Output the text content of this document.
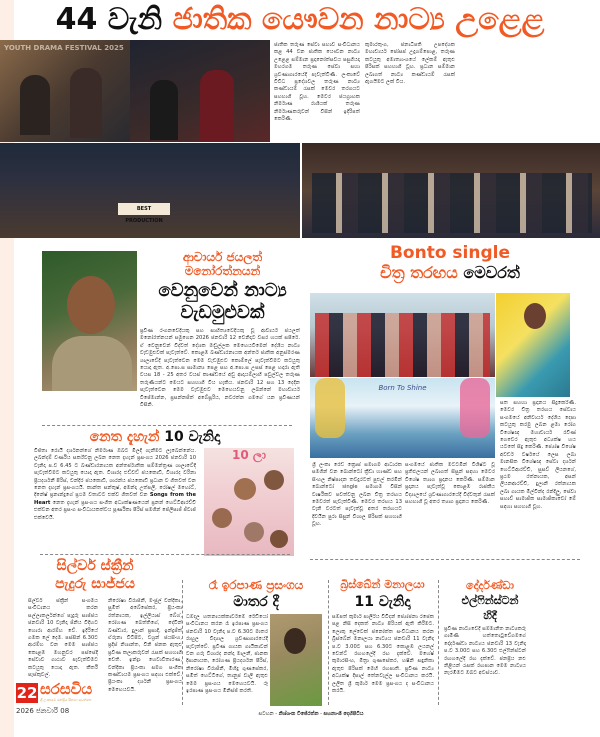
44 වැනි ජාතික යෞවන නාට්‍ය උළෙළ
YOUTH DRAMA FESTIVAL 2025	ජාතික තරුණ සේවා සභාව සංවිධානය කළ 44 වන ජාතික යෞවන නාට්‍ය උළෙළ සම්මාන ප්‍රදානෝත්සවය පසුගියදා මහරගම තරුණ සේවා සභා ශ්‍රවණාගාරයේදී පැවැත්විණි. ලංකාවේ විවිධ ප්‍රදේශවල තරුණ නාට්‍ය කණ්ඩායම් රැසක් මෙවර තරගයට සහභාගී වූහ. මෙවර ජයග්‍රාහක නිර්මාණ රාශියක් තරුණ නිර්මාණකරුවන් විසින් ඉදිරිපත් කෙරිණි.
කුමාරතුංග, ජනාධිපති උපදේශක මහාචාර්ය ජෝසප් උදුගම්පොළ, තරුණ කටයුතු අමාත්‍යාංශයේ ලේකම් ඇතුළු පිරිසක් සහභාගී වූහ. ප්‍රධාන සම්මාන ලබාගත් නාට්‍ය කණ්ඩායම් රැසක් ඇගයීමට ලක් විය.
BEST PRODUCTION
ආචාර්ය ජයලත්
මනෝරත්නයන්
වෙනුවෙන් නාට්‍ය
වැඩමුළුවක්
ප්‍රවීණ රංගනවේදියකු සහ සාහිත්‍යවේදියකු වූ ආචාර්ය ජයලත් මනෝරත්නයන් සමුගෙන 2026 ජනවාරි 12 වෙනිදාට වසර හයක් සපිරේ. ඒ වෙනුවෙන් විද්වත් දේශක මඬුල්ලක මෙහෙයවීමෙන් දේශීය නාට්‍ය වැඩමුළුවක් පැවැත්වේ. කොළඹ බණ්ඩාරනායක අන්තර් ජාතික අනුස්මරණ ශාලාවේදී පැවැත්වෙන මෙම වැඩමුළුව කොම්ලේ පැවැත්වීමට කටයුතු යොදා ඇත. අ.පො.ස සාමාන්‍ය පෙළ සහ අ.පො.ස උසස් පෙළ හදාරා ඇති වයස 18 - 25 අතර වයස් කාණ්ඩයේ අඩු ආදායම්ලාභී පවුල්වල තරුණ තරුණියන්ට මෙයට සහභාගී විය හැකිය. ජනවාරි 12 සහ 13 දෙදින පැවැත්වෙන මෙම වැඩමුළුව මෙහෙයවනු ලබන්නේ මහාචාර්ය විජේමාන්න, ප්‍රසන්නජිත් අබේසූරිය, නවරත්න ගමගේ යන ප්‍රවීණයන් විසිනි.
නෙත දැහැන් 10 වැනිදා
විජිතා රොයි දර්ශනන්ගේ නිර්මාණ ඔබට මිලදී ගැනීමට ලැබෙන්නේය. ලබන්දම් වර්ණිය සර්ක්වනු ලබන නෙත දැහැන් ප්‍රසංගය 2026 ජනවාරි 10 වැනිදා ප.ව 6.45 ට බණ්ඩාරනායක අන්තර්ජාතික සම්මන්ත්‍රණ ශාලාවේදී පැවැත්වීමට කටයුතු යොදා ඇත. විශාරද එඩ්වඩ් ජයකොඩි, විශාරද වරිනා ප්‍රියදර්ශනී පීරිස්, චන්දිර ජයකොඩි, ශාරන්ය ජයකොඩි ප්‍රධාන ව ගීතවත් වන නෙත දැහැන් ප්‍රසංගයයි. කාන්ත සන්තුෂ්, අමන්දා උත්පලී, රෝෂල් මහෝට්, දිනේෂ් ප්‍රනාන්දුගේ ප්‍රථම වතාවට එක්ව ගීතවත් වන Songs from the Heart නෙත දැහැන් ප්‍රසංගය සංගීත අධ්‍යක්ෂණයෙන් ප්‍රනන් හෙට්ටිආරච්චි එක්වන අතර ප්‍රසංග සංවිධායකත්වය පූර්ණිකා පීරිස් සමගින් ජේලීපාජි ජිවාජ් එක්වෙයි.
10 ලා
Bonto single
චිත්‍ර තරඟය මෙවරත්
Born To Shine
ශ්‍රී ලංකා රෙඩ් ක්‍රොස් සමාගම ආධාරක සමගින් වන බොන්ටෝ ක්‍රීඩා භාණ්ඩ සහ සිංහල නිෂ්පාදන තවදුරටත් පුළුල් කරමින් බොන්ටෝ single සමාගම විසින් වාර්ෂිකව පවත්වනු ලබන චිත්‍ර තරඟය මෙවරත් පැවැත්විණි. මෙවර තරඟය 13 වැනි වරටත් පැවැත්වූ අතර තරඟයට දිවයින පුරා සිසුන් විශාල පිරිසක් සහභාගි වූහ.
සංගමයේ ජාතික මට්ටමින් විශිෂ්ට වූ ප්‍රතිඵලයන් ලබාගත් සිසුන් සඳහා මෙවර විශේෂ ත්‍යාග ප්‍රදානය කෙරිණි. සම්මාන ප්‍රදානය පැවැත්වූ කොළඹ රාජකීය විද්‍යාලයේ ශ්‍රවණාගාරයේදී විද්වතුන් රැසක් සහභාගී වූ අතර ත්‍යාග ප්‍රදානය කෙරිණි.
සත සහභා ප්‍රදානය සිදුකෙරිණි. මෙවර චිත්‍ර තරඟය සේවාය සංගමයේ අනිවාර්ය දේශීය දෙපා කටයුතු කරමු ලබන ළමා රෝග විශේෂඥ මහාචාර්ය රවිණ් ගෙවෙර ඇතුළු අධ්‍යක්ෂ හය යටතේ සිදු කෙරිණි. ජ්‍යෝෂ විශේෂ අවර්ඩ වර්ෂයේ ලෙස ලබා මානසික විශේෂඥ සේවා දර්ශන් හෙට්ටිආරච්චි, සුසව් ලියනගේ, ප්‍රථම රත්නායක, අසන් ලියනආරච්චි, දුලානි රත්නායක ලබා ගායක මිල්වින්ද රන්දිලු, සේවා සහාව් සාමාජික සාමාජිකාවෝ මේ සඳහා සහභාගී වූහ.
සිල්වර් ස්ක්‍රීන්
පැදුරු සාජ්ජය
සිල්වර් ස්ක්‍රීන් සංගමය සංවිධානය කරන සල්ලාකර්ලන්ගේ පැදුරු සාජ්ජය ජනවාරි 10 වැනිදා ජිනිය විදිහට හොරා ආරම්භ වේ. ඉදිරියේ ගමක ලේ දෙම. පස්සින් 6.30ට ආරම්භ වන මෙම සාජ්ජය කොළඹ මහනුවර පස්සේදී සේවාව ගාථාව පැවැත්වීමට කටයුතු යොදා ඇත. කීර්ති පැස්කුවල්.
නිරෝෂා විරාජිනී, මංජුල් වන්දිකා, සුමිත් අබේසේකර, ප්‍රියංකා රත්නායක, ඉල්ලියාස් බේග්, රෝහණ බෙත්තිගේ, දේවින් බණ්ඩාර, දුලාන් ප්‍රසාදි, ඉන්ද්‍රජිත් ඒරුනා විටිපිට, වශ්‍රන් ජයසිංහ, ප්‍රදිප් නිශාන්ත, විනි ජනක ඇතුළු ප්‍රවීණ කලාකරුවන් රැසක් සහභාගී වෙති. ඉන්ද්‍රා හෙවාවිතාරණ, වන්දිකා ප්‍රියංකා සමග සංගීත කණ්ඩායම ප්‍රසංගය සඳහා එක්වේ. ප්‍රියංකා දර්ශනී ප්‍රසංගය මෙහෙයවයි.
රෑ ඉරපාණ ප්‍රසංගය
මාතර දී
ධම්දල හතනායක්කාර්වමේ රේඩියෝ සංවිධානය කරන රෑ ඉරපාණ ප්‍රසංගය ජනවාරි 10 වැනිදා ප.ව 6.30ට මාතර රාහුල විද්‍යාල ශ්‍රවණාගාරයේදී පැවැත්වේ. ප්‍රවීණ ගායක ගායිකාවන් වන ගරු විශාරද නන්දා මාලනී, ජානක දිසානායක, රෝහණ ප්‍රියදර්ශන පීරිස්, නිරෝෂා විරාජිනී, මිහිදු ගුණසේකර, සමිත් හෙට්ටිගේ, තානුජ වාලි ඇතුළු මෙම ප්‍රසංගය මෙහෙයවයි. රූ ඉරපාණ ප්‍රසංගය මිනිස්ජ් කරති.
බ්‍රිස්බේන් මනාලයා
11 වැනිදා
සම්පත් කුමාර් පාලීරිය විවිදන් ජ්‍යෝජනා රජෙක පළ නිසි දෙකත් නාට්‍ය පිරියක් ඇති කිරීමට. ලොකු ලේවෙක් ජනෝත්ත සංවිධානය කරන බ්‍රිස්බේන් මනාලයා නාට්‍යය ජනවාරි 11 වැනිදා ප.ව 3.00ට සහ 6.30ට කොළඹ ලයනල් වෙන්ට් රඟහලේදී රඟ දැක්වේ. මහේෂ් කුමාරසිංහ, මිත්‍රා ගුණසේකර, හෂිනි සඳුනිකා ඇතුළු පිරිසක් මෙහි රඟපාති. ප්‍රවීණ නාට්‍ය අධ්‍යක්ෂ දිපාල් තේනවැල්ල සංවිධානය කරයි. ලලිත ශ්‍රී කුමාර් මෙම ප්‍රසංගය ද සංවිධානය කරයි.
දෝර්දණ්ඩා
එල්ෆින්ස්ටන්
හිදී
ප්‍රවීණ නාට්‍යවේදී සම්මානිත නාට්‍යකරු ගාමිණී හත්තොටුවේගමගේ දෝර්දණ්ඩා නාට්‍යය ජනවාරි 13 වැනිදා ප.ව 3.00ට සහ 6.30ට එල්ෆින්ස්ටන් රඟහලේදී රඟ දැක්වේ. ජනප්‍රිය නළු නිළියන් රැසක් රඟපාන මෙම නාට්‍යය නැරඹීමට ඔබට අවස්ථාව.
22 සරසවිය
ශ්‍රී ලංකාවේ ජනප්‍රිය සිනමා පුවත්පත
2026 ජනවාරි 08	සටහන - නිශ්ශංක විජේරත්න - සහනාංශි දෙහිපිටිය
